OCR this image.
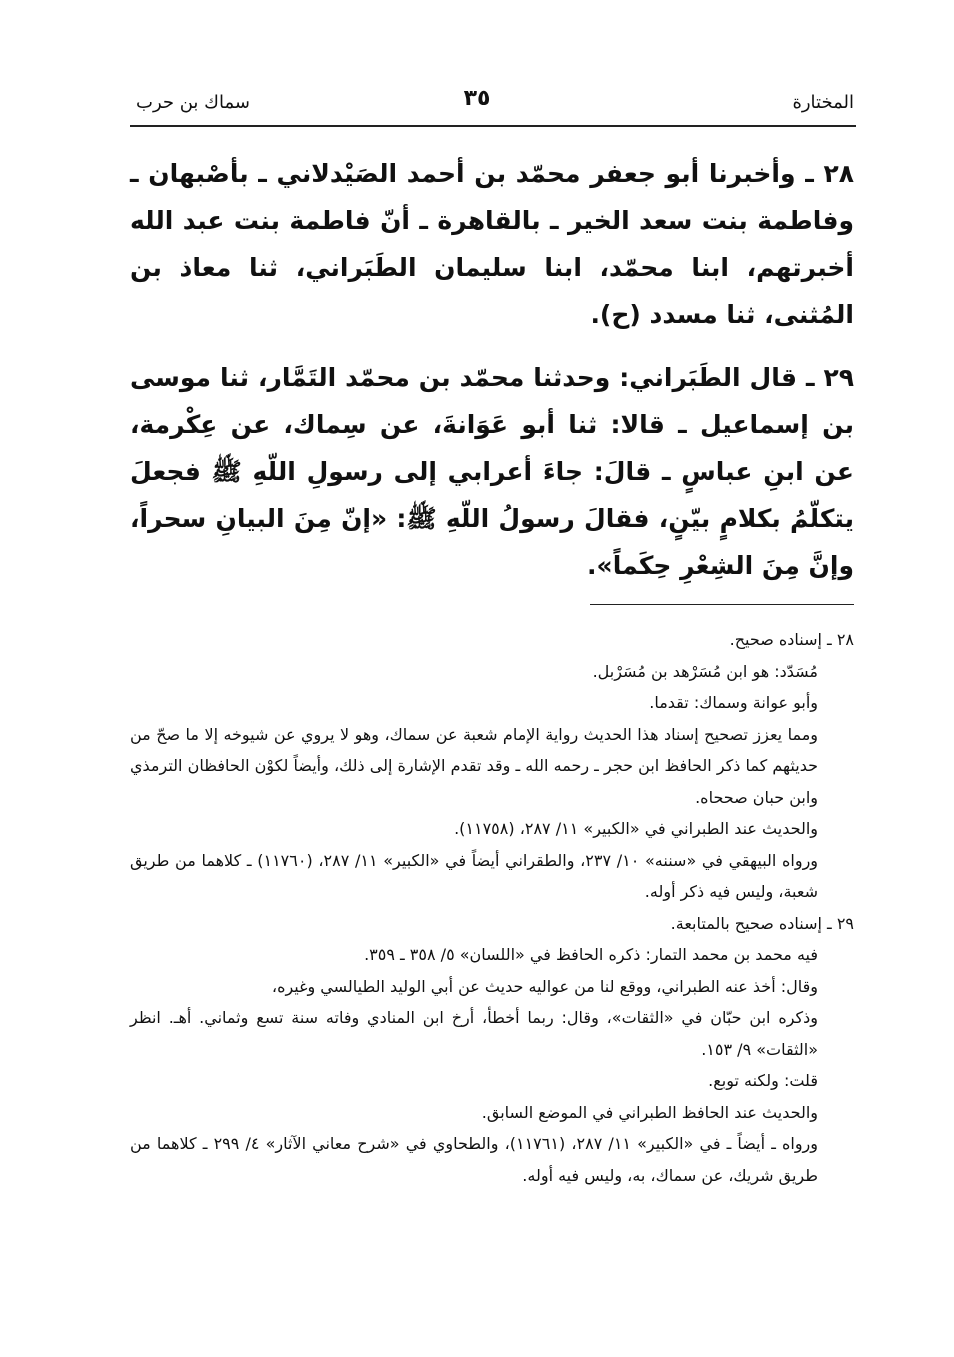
المختارة
٣٥
سماك بن حرب

٢٨ ـ وأخبرنا أبو جعفر محمّد بن أحمد الصَيْدلاني ـ بأصْبهان ـ وفاطمة بنت سعد الخير ـ بالقاهرة ـ أنّ فاطمة بنت عبد الله أخبرتهم، ابنا محمّد، ابنا سليمان الطَبَراني، ثنا معاذ بن المُثنى، ثنا مسدد (ح).

٢٩ ـ قال الطَبَراني: وحدثنا محمّد بن محمّد التَمَّار، ثنا موسى بن إسماعيل ـ قالا: ثنا أبو عَوَانةَ، عن سِماك، عن عِكْرمة، عن ابنِ عباسٍ ـ قالَ: جاءَ أعرابي إلى رسولِ اللّهِ ﷺ فجعلَ يتكلّمُ بكلامٍ بيّنٍ، فقالَ رسولُ اللّهِ ﷺ: «إنّ مِنَ البيانِ سحراً، وإنَّ مِنَ الشِعْرِ حِكَماً».

٢٨ ـ إسناده صحيح.

مُسَدّد: هو ابن مُسَرْهد بن مُسَرْبل.

وأبو عوانة وسماك: تقدما.

ومما يعزز تصحيح إسناد هذا الحديث رواية الإمام شعبة عن سماك، وهو لا يروي عن شيوخه إلا ما صحّ من حديثهم كما ذكر الحافظ ابن حجر ـ رحمه الله ـ وقد تقدم الإشارة إلى ذلك، وأيضاً لكوْن الحافظان الترمذي وابن حبان صححاه.

والحديث عند الطبراني في «الكبير» ١١/ ٢٨٧، (١١٧٥٨).

ورواه البيهقي في «سننه» ١٠/ ٢٣٧، والطقراني أيضاً في «الكبير» ١١/ ٢٨٧، (١١٧٦٠) ـ كلاهما من طريق شعبة، وليس فيه ذكر أوله.

٢٩ ـ إسناده صحيح بالمتابعة.

فيه محمد بن محمد التمار: ذكره الحافظ في «اللسان» ٥/ ٣٥٨ ـ ٣٥٩.

وقال: أخذ عنه الطبراني، ووقع لنا من عواليه حديث عن أبي الوليد الطيالسي وغيره،

وذكره ابن حبّان في «الثقات»، وقال: ربما أخطأ، أرخ ابن المنادي وفاته سنة تسع وثماني. أهـ. انظر «الثقات» ٩/ ١٥٣.

قلت: ولكنه توبع.

والحديث عند الحافظ الطبراني في الموضع السابق.

ورواه ـ أيضاً ـ في «الكبير» ١١/ ٢٨٧، (١١٧٦١)، والطحاوي في «شرح معاني الآثار» ٤/ ٢٩٩ ـ كلاهما من طريق شريك، عن سماك، به، وليس فيه أوله.
